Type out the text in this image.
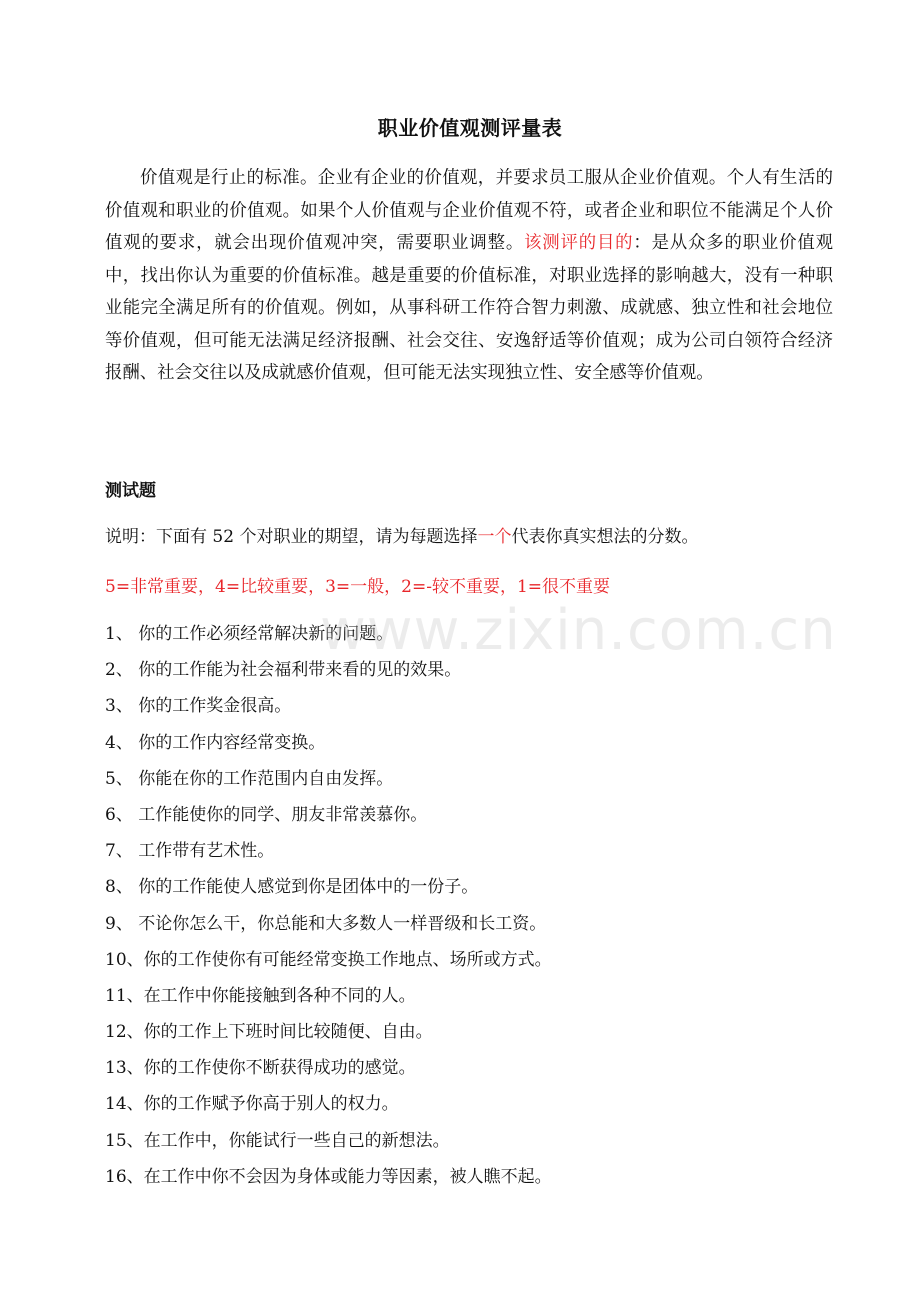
职业价值观测评量表

价值观是行止的标准。企业有企业的价值观，并要求员工服从企业价值观。个人有生活的价值观和职业的价值观。如果个人价值观与企业价值观不符，或者企业和职位不能满足个人价值观的要求，就会出现价值观冲突，需要职业调整。该测评的目的：是从众多的职业价值观中，找出你认为重要的价值标准。越是重要的价值标准，对职业选择的影响越大，没有一种职业能完全满足所有的价值观。例如，从事科研工作符合智力刺激、成就感、独立性和社会地位等价值观，但可能无法满足经济报酬、社会交往、安逸舒适等价值观；成为公司白领符合经济报酬、社会交往以及成就感价值观，但可能无法实现独立性、安全感等价值观。

测试题
说明：下面有 52 个对职业的期望，请为每题选择一个代表你真实想法的分数。
5=非常重要，4=比较重要，3=一般，2=-较不重要，1=很不重要
1、 你的工作必须经常解决新的问题。
2、 你的工作能为社会福利带来看的见的效果。
3、 你的工作奖金很高。
4、 你的工作内容经常变换。
5、 你能在你的工作范围内自由发挥。
6、 工作能使你的同学、朋友非常羡慕你。
7、 工作带有艺术性。
8、 你的工作能使人感觉到你是团体中的一份子。
9、 不论你怎么干，你总能和大多数人一样晋级和长工资。
10、你的工作使你有可能经常变换工作地点、场所或方式。
11、在工作中你能接触到各种不同的人。
12、你的工作上下班时间比较随便、自由。
13、你的工作使你不断获得成功的感觉。
14、你的工作赋予你高于别人的权力。
15、在工作中，你能试行一些自己的新想法。
16、在工作中你不会因为身体或能力等因素，被人瞧不起。
www.zixin.com.cn
